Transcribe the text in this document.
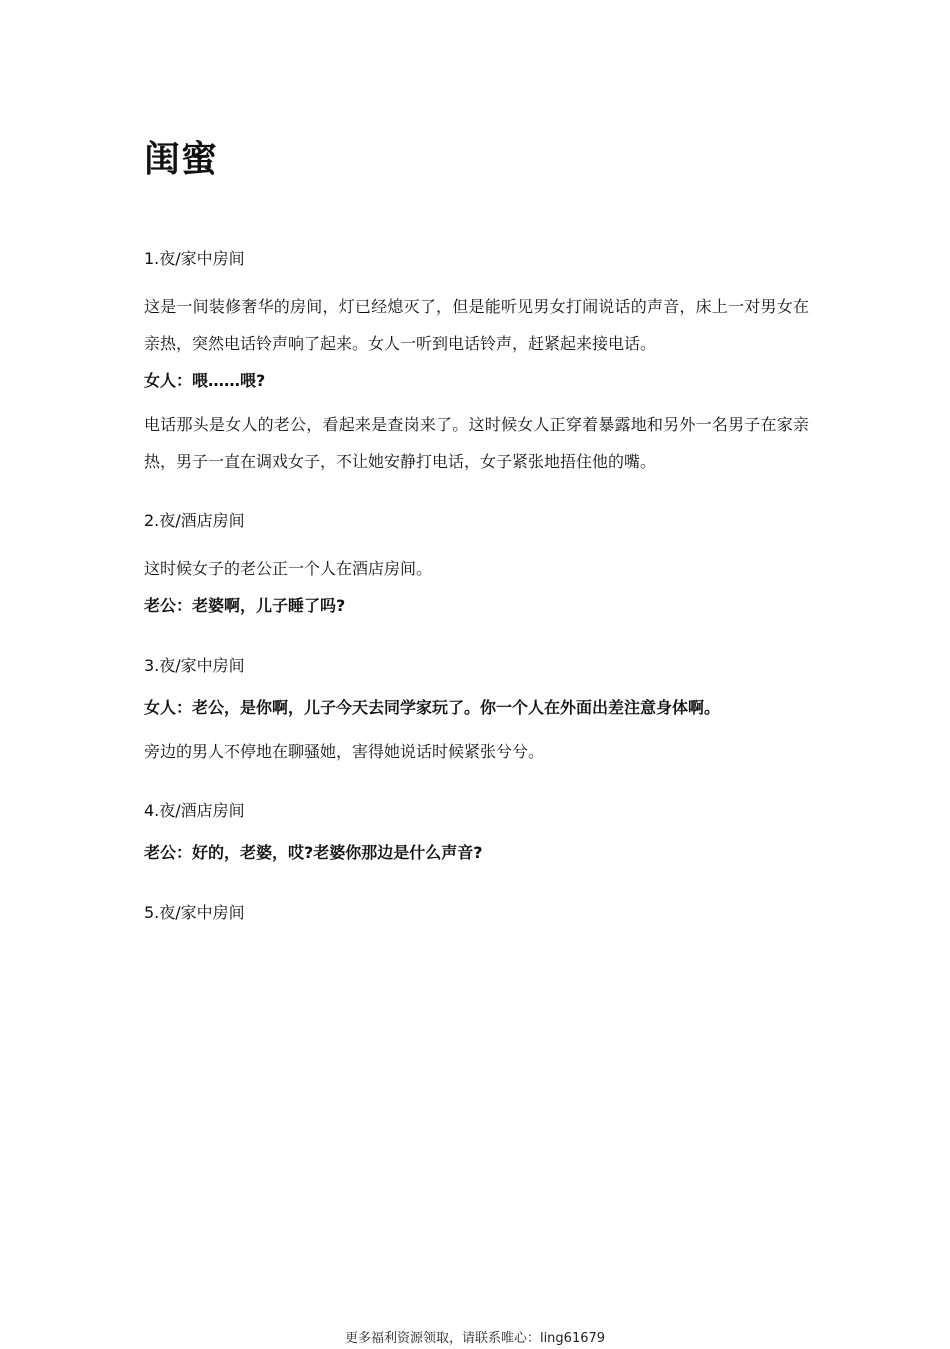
闺蜜
1.夜/家中房间
这是一间装修奢华的房间，灯已经熄灭了，但是能听见男女打闹说话的声音，床上一对男女在亲热，突然电话铃声响了起来。女人一听到电话铃声，赶紧起来接电话。
女人：喂……喂?
电话那头是女人的老公，看起来是查岗来了。这时候女人正穿着暴露地和另外一名男子在家亲热，男子一直在调戏女子，不让她安静打电话，女子紧张地捂住他的嘴。
2.夜/酒店房间
这时候女子的老公正一个人在酒店房间。
老公：老婆啊，儿子睡了吗?
3.夜/家中房间
女人：老公，是你啊，儿子今天去同学家玩了。你一个人在外面出差注意身体啊。
旁边的男人不停地在聊骚她，害得她说话时候紧张兮兮。
4.夜/酒店房间
老公：好的，老婆，哎?老婆你那边是什么声音?
5.夜/家中房间
更多福利资源领取，请联系唯心：ling61679
